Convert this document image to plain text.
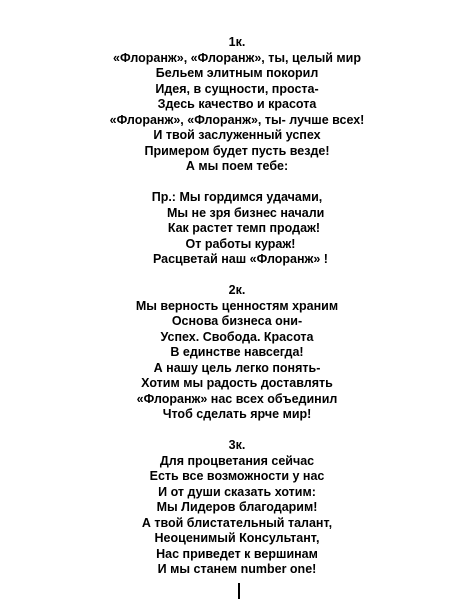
1к.
«Флоранж», «Флоранж», ты, целый мир
Бельем элитным покорил
Идея, в сущности, проста-
Здесь качество и красота
«Флоранж», «Флоранж», ты- лучше всех!
И твой заслуженный успех
Примером будет пусть везде!
А мы поем тебе:
Пр.: Мы гордимся удачами,
Мы не зря бизнес начали
Как растет темп продаж!
От работы кураж!
Расцветай наш «Флоранж» !
2к.
Мы верность ценностям храним
Основа бизнеса они-
Успех. Свобода. Красота
В единстве навсегда!
А нашу цель легко понять-
Хотим мы радость доставлять
«Флоранж» нас всех объединил
Чтоб сделать ярче мир!
3к.
Для процветания сейчас
Есть все возможности у нас
И от души сказать хотим:
Мы Лидеров благодарим!
А твой блистательный талант,
Неоценимый Консультант,
Нас приведет к вершинам
И мы станем number one!
